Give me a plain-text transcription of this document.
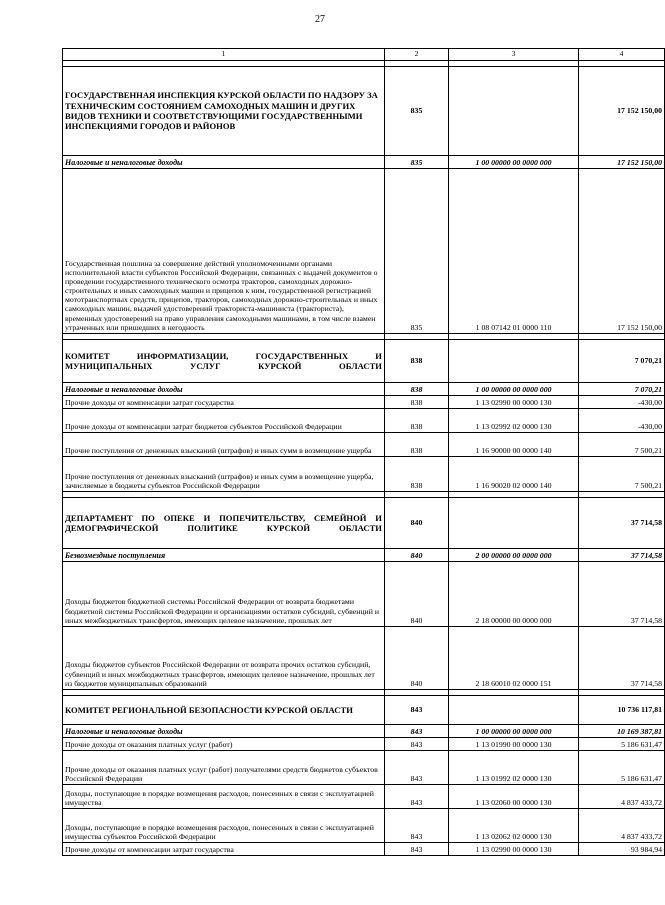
27
1	2	3	4

ГОСУДАРСТВЕННАЯ ИНСПЕКЦИЯ КУРСКОЙ ОБЛАСТИ ПО НАДЗОРУ ЗА ТЕХНИЧЕСКИМ СОСТОЯНИЕМ САМОХОДНЫХ МАШИН И ДРУГИХ ВИДОВ ТЕХНИКИ И СООТВЕТСТВУЮЩИМИ ГОСУДАРСТВЕННЫМИ ИНСПЕКЦИЯМИ ГОРОДОВ И РАЙОНОВ	835		17 152 150,00
Налоговые и неналоговые доходы	835	1 00 00000 00 0000 000	17 152 150,00
Государственная пошлина за совершение действий уполномоченными органами исполнительной власти субъектов Российской Федерации, связанных с выдачей документов о проведении государственного технического осмотра тракторов, самоходных дорожно-строительных и иных самоходных машин и прицепов к ним, государственной регистрацией мототранспортных средств, прицепов, тракторов, самоходных дорожно-строительных и иных самоходных машин, выдачей удостоверений тракториста-машиниста (тракториста), временных удостоверений на право управления самоходными машинами, в том числе взамен утраченных или пришедших в негодность	835	1 08 07142 01 0000 110	17 152 150,00

КОМИТЕТ ИНФОРМАТИЗАЦИИ, ГОСУДАРСТВЕННЫХ И МУНИЦИПАЛЬНЫХ УСЛУГ КУРСКОЙ ОБЛАСТИ	838		7 070,21
Налоговые и неналоговые доходы	838	1 00 00000 00 0000 000	7 070,21
Прочие доходы от компенсации затрат государства	838	1 13 02990 00 0000 130	-430,00
Прочие доходы от компенсации затрат бюджетов субъектов Российской Федерации	838	1 13 02992 02 0000 130	-430,00
Прочие поступления от денежных взысканий (штрафов) и иных сумм в возмещение ущерба	838	1 16 90000 00 0000 140	7 500,21
Прочие поступления от денежных взысканий (штрафов) и иных сумм в возмещение ущерба, зачисляемые в бюджеты субъектов Российской Федерации	838	1 16 90020 02 0000 140	7 500,21

ДЕПАРТАМЕНТ ПО ОПЕКЕ И ПОПЕЧИТЕЛЬСТВУ, СЕМЕЙНОЙ И ДЕМОГРАФИЧЕСКОЙ ПОЛИТИКЕ КУРСКОЙ ОБЛАСТИ	840		37 714,58
Безвозмездные поступления	840	2 00 00000 00 0000 000	37 714,58
Доходы бюджетов бюджетной системы Российской Федерации от возврата бюджетами бюджетной системы Российской Федерации и организациями остатков субсидий, субвенций и иных межбюджетных трансфертов, имеющих целевое назначение, прошлых лет	840	2 18 00000 00 0000 000	37 714,58
Доходы бюджетов субъектов Российской Федерации от возврата прочих остатков субсидий, субвенций и иных межбюджетных трансфертов, имеющих целевое назначение, прошлых лет из бюджетов муниципальных образований	840	2 18 60010 02 0000 151	37 714,58

КОМИТЕТ РЕГИОНАЛЬНОЙ БЕЗОПАСНОСТИ КУРСКОЙ ОБЛАСТИ	843		10 736 117,81
Налоговые и неналоговые доходы	843	1 00 00000 00 0000 000	10 169 387,81
Прочие доходы от оказания платных услуг (работ)	843	1 13 01990 00 0000 130	5 186 631,47
Прочие доходы от оказания платных услуг (работ) получателями средств бюджетов субъектов Российской Федерации	843	1 13 01992 02 0000 130	5 186 631,47
Доходы, поступающие в порядке возмещения расходов, понесенных в связи с эксплуатацией имущества	843	1 13 02060 00 0000 130	4 837 433,72
Доходы, поступающие в порядке возмещения расходов, понесенных в связи с эксплуатацией имущества субъектов Российской Федерации	843	1 13 02062 02 0000 130	4 837 433,72
Прочие доходы от компенсации затрат государства	843	1 13 02990 00 0000 130	93 984,94
